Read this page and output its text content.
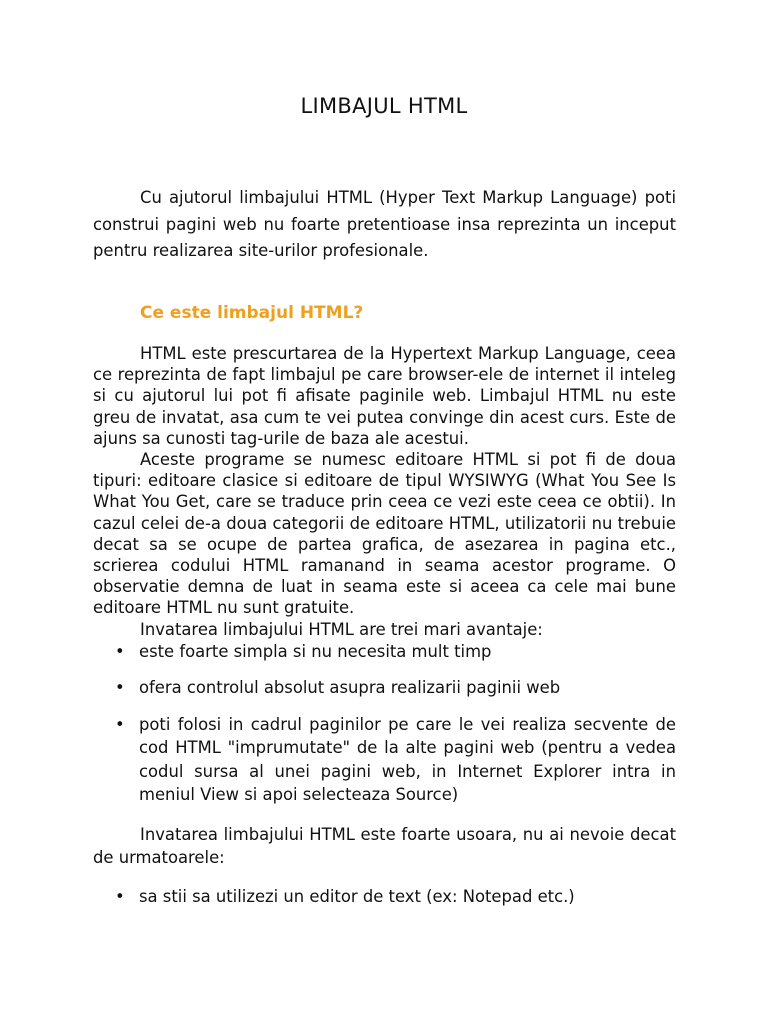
LIMBAJUL HTML

Cu ajutorul limbajului HTML (Hyper Text Markup Language) poti construi pagini web nu foarte pretentioase insa reprezinta un inceput pentru realizarea site-urilor profesionale.

Ce este limbajul HTML?

HTML este prescurtarea de la Hypertext Markup Language, ceea ce reprezinta de fapt limbajul pe care browser-ele de internet il inteleg si cu ajutorul lui pot fi afisate paginile web. Limbajul HTML nu este greu de invatat, asa cum te vei putea convinge din acest curs. Este de ajuns sa cunosti tag-urile de baza ale acestui.

Aceste programe se numesc editoare HTML si pot fi de doua tipuri: editoare clasice si editoare de tipul WYSIWYG (What You See Is What You Get, care se traduce prin ceea ce vezi este ceea ce obtii). In cazul celei de-a doua categorii de editoare HTML, utilizatorii nu trebuie decat sa se ocupe de partea grafica, de asezarea in pagina etc., scrierea codului HTML ramanand in seama acestor programe. O observatie demna de luat in seama este si aceea ca cele mai bune editoare HTML nu sunt gratuite.

Invatarea limbajului HTML are trei mari avantaje:

• este foarte simpla si nu necesita mult timp
• ofera controlul absolut asupra realizarii paginii web
• poti folosi in cadrul paginilor pe care le vei realiza secvente de cod HTML "imprumutate" de la alte pagini web (pentru a vedea codul sursa al unei pagini web, in Internet Explorer intra in meniul View si apoi selecteaza Source)

Invatarea limbajului HTML este foarte usoara, nu ai nevoie decat de urmatoarele:

• sa stii sa utilizezi un editor de text (ex: Notepad etc.)
